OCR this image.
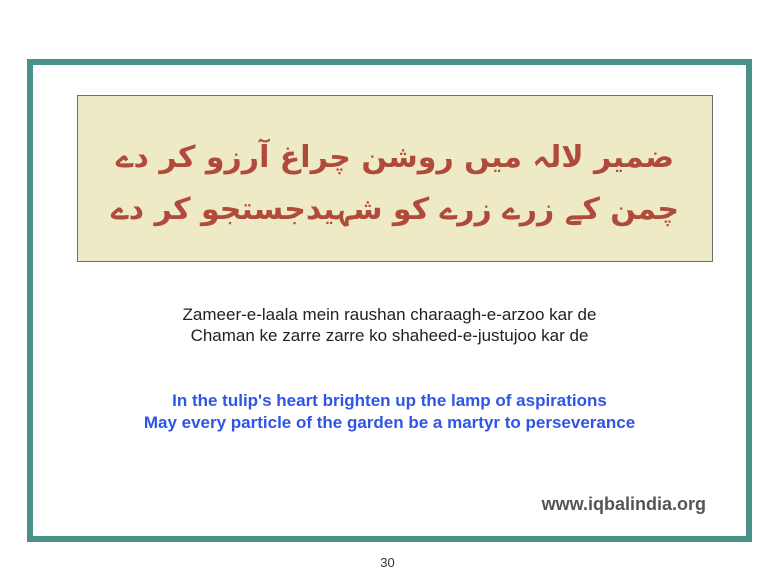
ضمیر لالہ میں روشن چراغ آرزو کر دے
چمن کے زرے زرے کو شہیدجستجو کر دے
Zameer-e-laala mein raushan charaagh-e-arzoo kar de
Chaman ke zarre zarre ko shaheed-e-justujoo kar de
In the tulip's heart brighten up the lamp of aspirations
May every particle of the garden be a martyr to perseverance
www.iqbalindia.org
30
